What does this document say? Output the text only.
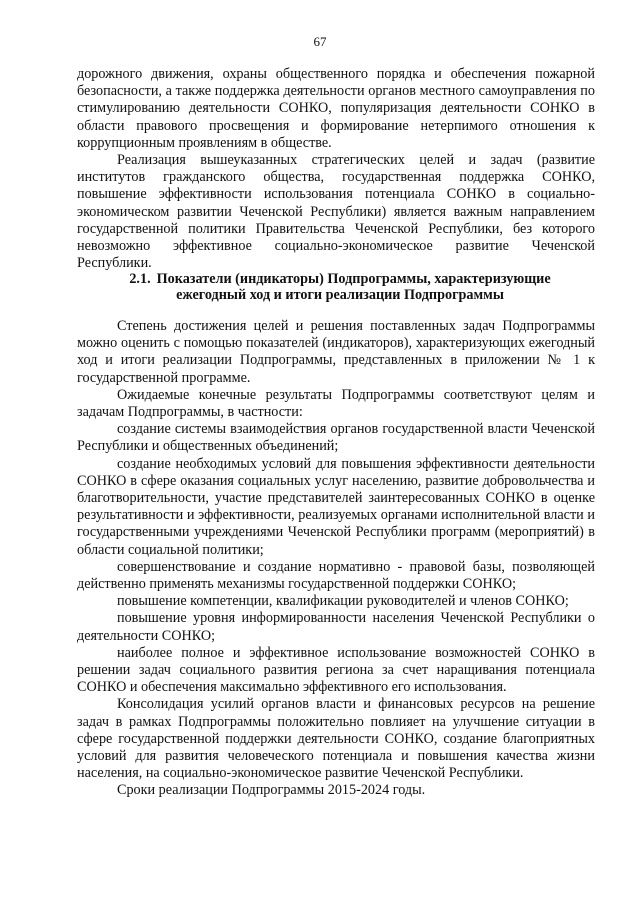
67

дорожного движения, охраны общественного порядка и обеспечения пожарной безопасности, а также поддержка деятельности органов местного самоуправления по стимулированию деятельности СОНКО, популяризация деятельности СОНКО в области правового просвещения и формирование нетерпимого отношения к коррупционным проявлениям в обществе.

Реализация вышеуказанных стратегических целей и задач (развитие институтов гражданского общества, государственная поддержка СОНКО, повышение эффективности использования потенциала СОНКО в социально-экономическом развитии Чеченской Республики) является важным направлением государственной политики Правительства Чеченской Республики, без которого невозможно эффективное социально-экономическое развитие Чеченской Республики.

2.1. Показатели (индикаторы) Подпрограммы, характеризующие
ежегодный ход и итоги реализации Подпрограммы

Степень достижения целей и решения поставленных задач Подпрограммы можно оценить с помощью показателей (индикаторов), характеризующих ежегодный ход и итоги реализации Подпрограммы, представленных в приложении № 1 к государственной программе.

Ожидаемые конечные результаты Подпрограммы соответствуют целям и задачам Подпрограммы, в частности:

создание системы взаимодействия органов государственной власти Чеченской Республики и общественных объединений;

создание необходимых условий для повышения эффективности деятельности СОНКО в сфере оказания социальных услуг населению, развитие добровольчества и благотворительности, участие представителей заинтересованных СОНКО в оценке результативности и эффективности, реализуемых органами исполнительной власти и государственными учреждениями Чеченской Республики программ (мероприятий) в области социальной политики;

совершенствование и создание нормативно - правовой базы, позволяющей действенно применять механизмы государственной поддержки СОНКО;

повышение компетенции, квалификации руководителей и членов СОНКО;

повышение уровня информированности населения Чеченской Республики о деятельности СОНКО;

наиболее полное и эффективное использование возможностей СОНКО в решении задач социального развития региона за счет наращивания потенциала СОНКО и обеспечения максимально эффективного его использования.

Консолидация усилий органов власти и финансовых ресурсов на решение задач в рамках Подпрограммы положительно повлияет на улучшение ситуации в сфере государственной поддержки деятельности СОНКО, создание благоприятных условий для развития человеческого потенциала и повышения качества жизни населения, на социально-экономическое развитие Чеченской Республики.

Сроки реализации Подпрограммы 2015-2024 годы.
